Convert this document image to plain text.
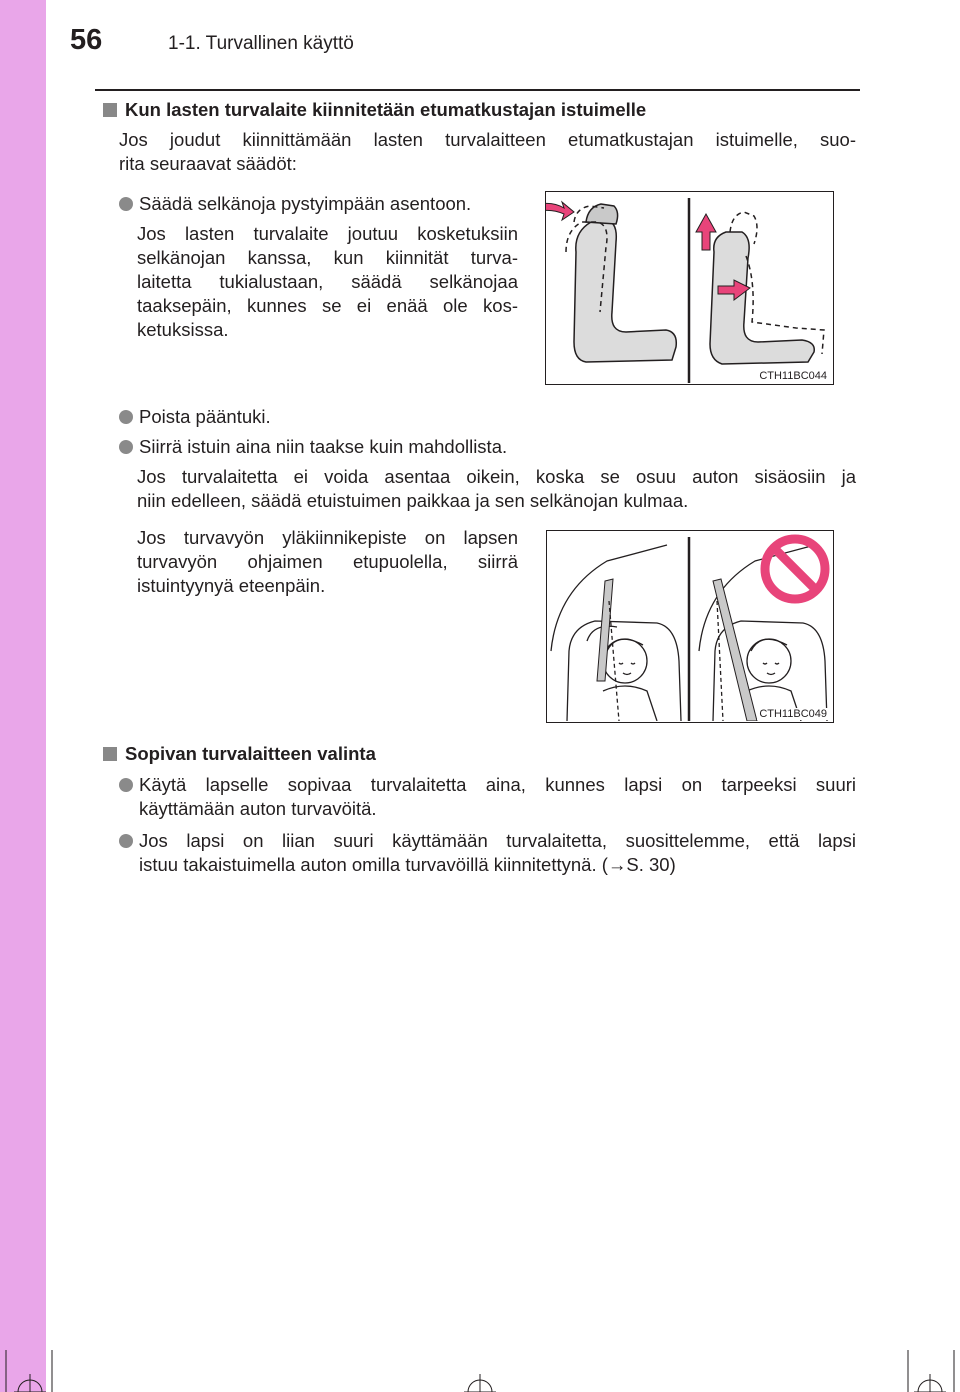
56	1-1. Turvallinen käyttö
Kun lasten turvalaite kiinnitetään etumatkustajan istuimelle
Jos joudut kiinnittämään lasten turvalaitteen etumatkustajan istuimelle, suo-
rita seuraavat säädöt:
Säädä selkänoja pystyimpään asentoon.
Jos lasten turvalaite joutuu kosketuksiin
selkänojan kanssa, kun kiinnität turva-
laitetta tukialustaan, säädä selkänojaa
taaksepäin, kunnes se ei enää ole kos-
ketuksissa.
CTH11BC044
Poista pääntuki.
Siirrä istuin aina niin taakse kuin mahdollista.
Jos turvalaitetta ei voida asentaa oikein, koska se osuu auton sisäosiin ja
niin edelleen, säädä etuistuimen paikkaa ja sen selkänojan kulmaa.
Jos turvavyön yläkiinnikepiste on lapsen
turvavyön ohjaimen etupuolella, siirrä
istuintyynyä eteenpäin.
CTH11BC049
Sopivan turvalaitteen valinta
Käytä lapselle sopivaa turvalaitetta aina, kunnes lapsi on tarpeeksi suuri
käyttämään auton turvavöitä.
Jos lapsi on liian suuri käyttämään turvalaitetta, suosittelemme, että lapsi
istuu takaistuimella auton omilla turvavöillä kiinnitettynä. (→S. 30)
